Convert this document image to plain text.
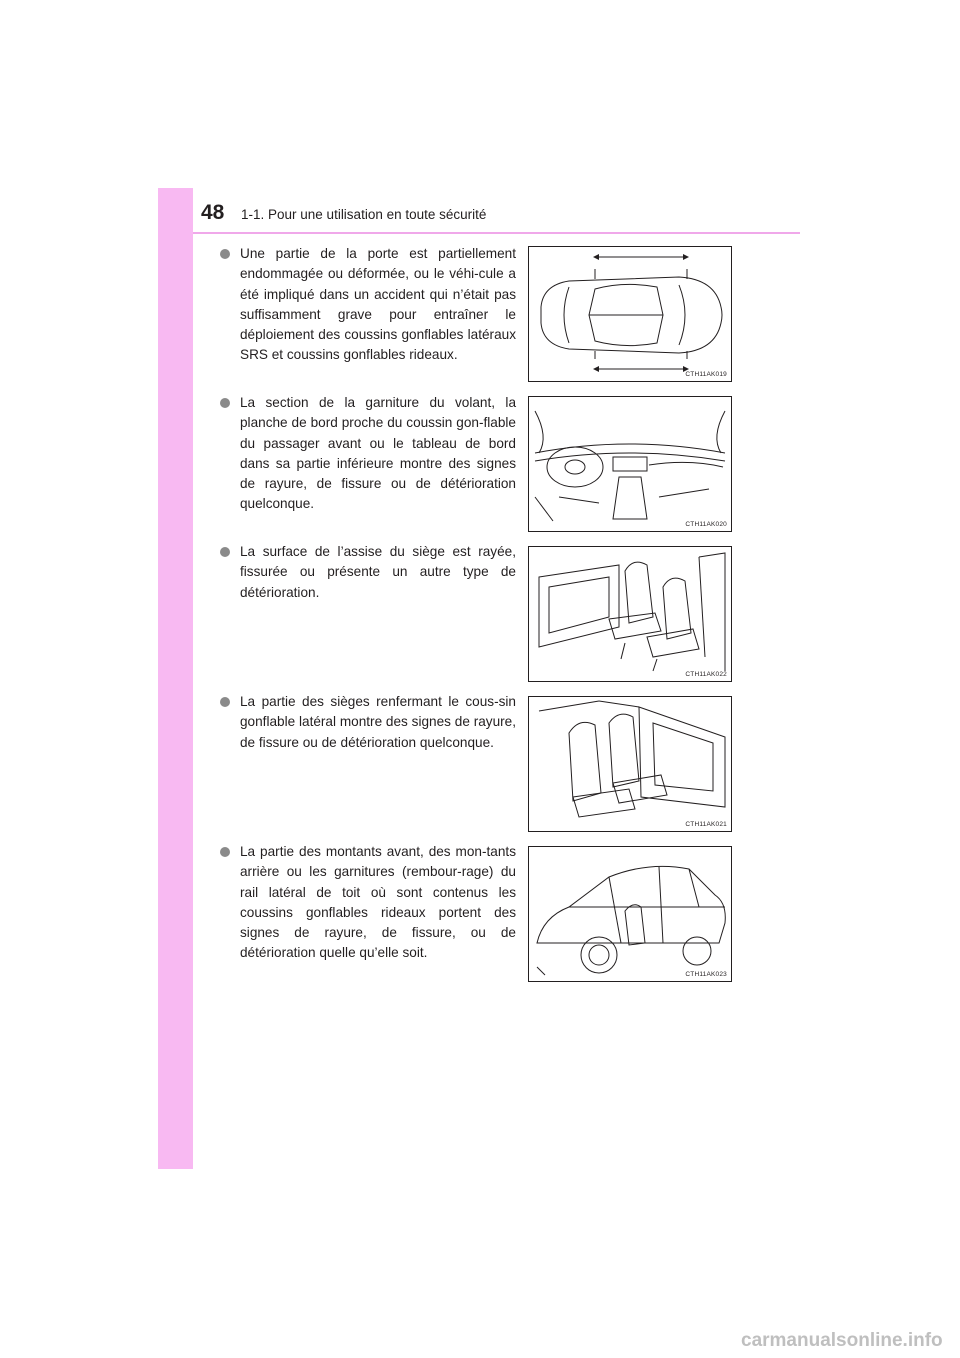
48 1-1. Pour une utilisation en toute sécurité
Une partie de la porte est partiellement endommagée ou déformée, ou le véhi-cule a été impliqué dans un accident qui n’était pas suffisamment grave pour entraîner le déploiement des coussins gonflables latéraux SRS et coussins gonflables rideaux.
CTH11AK019
La section de la garniture du volant, la planche de bord proche du coussin gon-flable du passager avant ou le tableau de bord dans sa partie inférieure montre des signes de rayure, de fissure ou de détérioration quelconque.
CTH11AK020
La surface de l’assise du siège est rayée, fissurée ou présente un autre type de détérioration.
CTH11AK022
La partie des sièges renfermant le cous-sin gonflable latéral montre des signes de rayure, de fissure ou de détérioration quelconque.
CTH11AK021
La partie des montants avant, des mon-tants arrière ou les garnitures (rembour-rage) du rail latéral de toit où sont contenus les coussins gonflables rideaux portent des signes de rayure, de fissure, ou de détérioration quelle qu’elle soit.
CTH11AK023
carmanualsonline.info
